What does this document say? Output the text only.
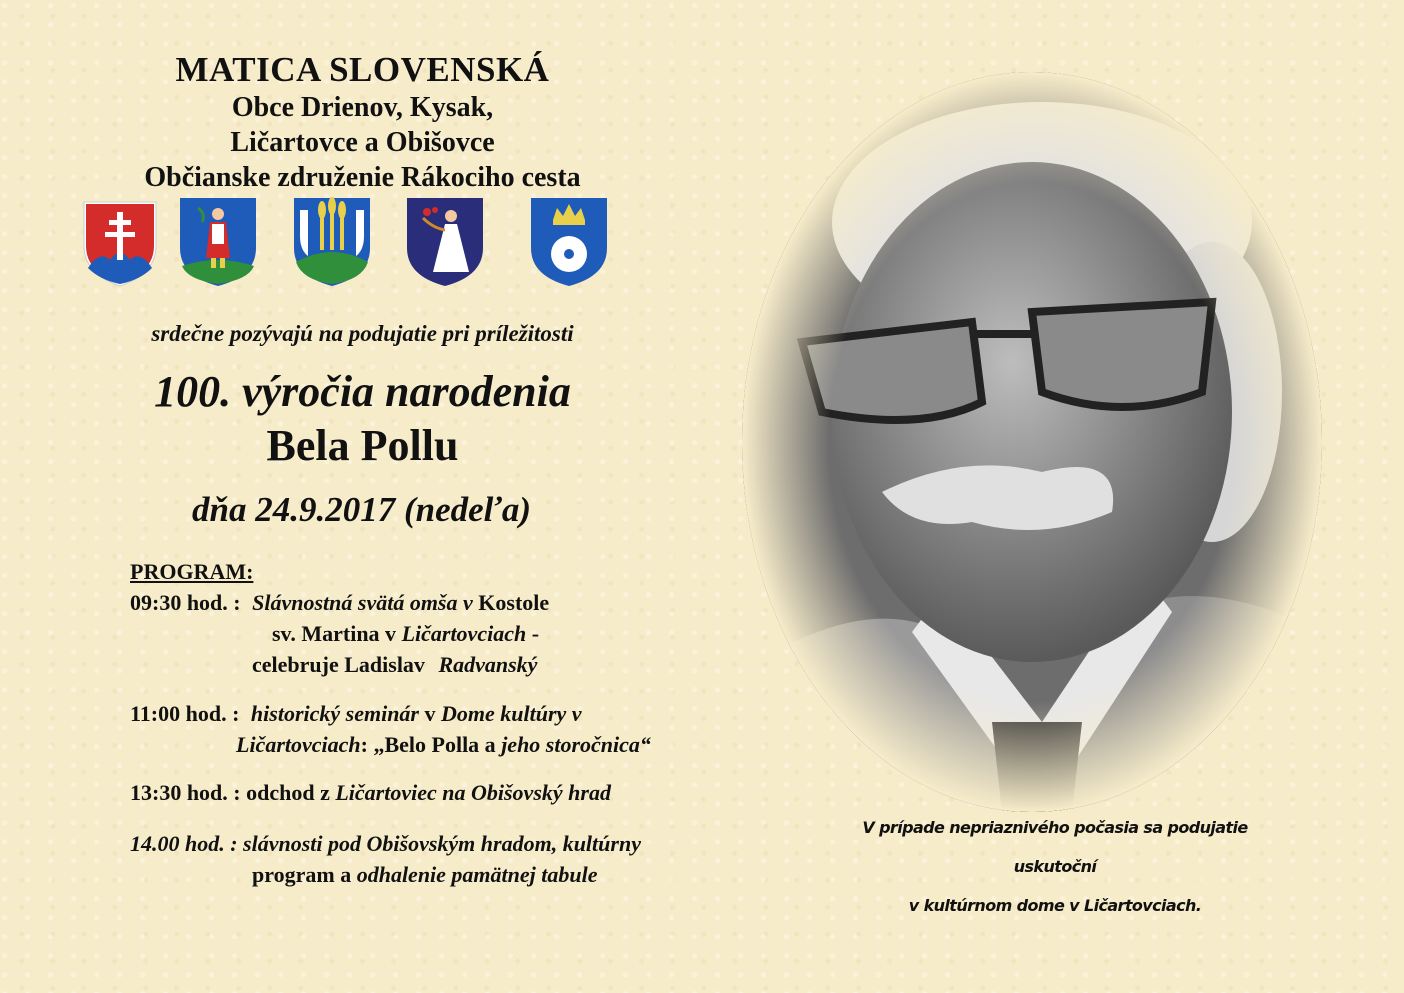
MATICA SLOVENSKÁ
Obce Drienov, Kysak,
Ličartovce a Obišovce
Občianske združenie Rákociho cesta
srdečne pozývajú na podujatie pri príležitosti
100. výročia narodenia
Bela Pollu
dňa 24.9.2017 (nedeľa)
PROGRAM:
09:30 hod. : Slávnostná svätá omša v Kostole
sv. Martina v Ličartovciach -
celebruje Ladislav Radvanský
11:00 hod. : historický seminár v Dome kultúry v
Ličartovciach: „Belo Polla a jeho storočnica“
13:30 hod. : odchod z Ličartoviec na Obišovský hrad
14.00 hod. : slávnosti pod Obišovským hradom, kultúrny
program a odhalenie pamätnej tabule
V prípade nepriaznivého počasia sa podujatie uskutoční
v kultúrnom dome v Ličartovciach.
